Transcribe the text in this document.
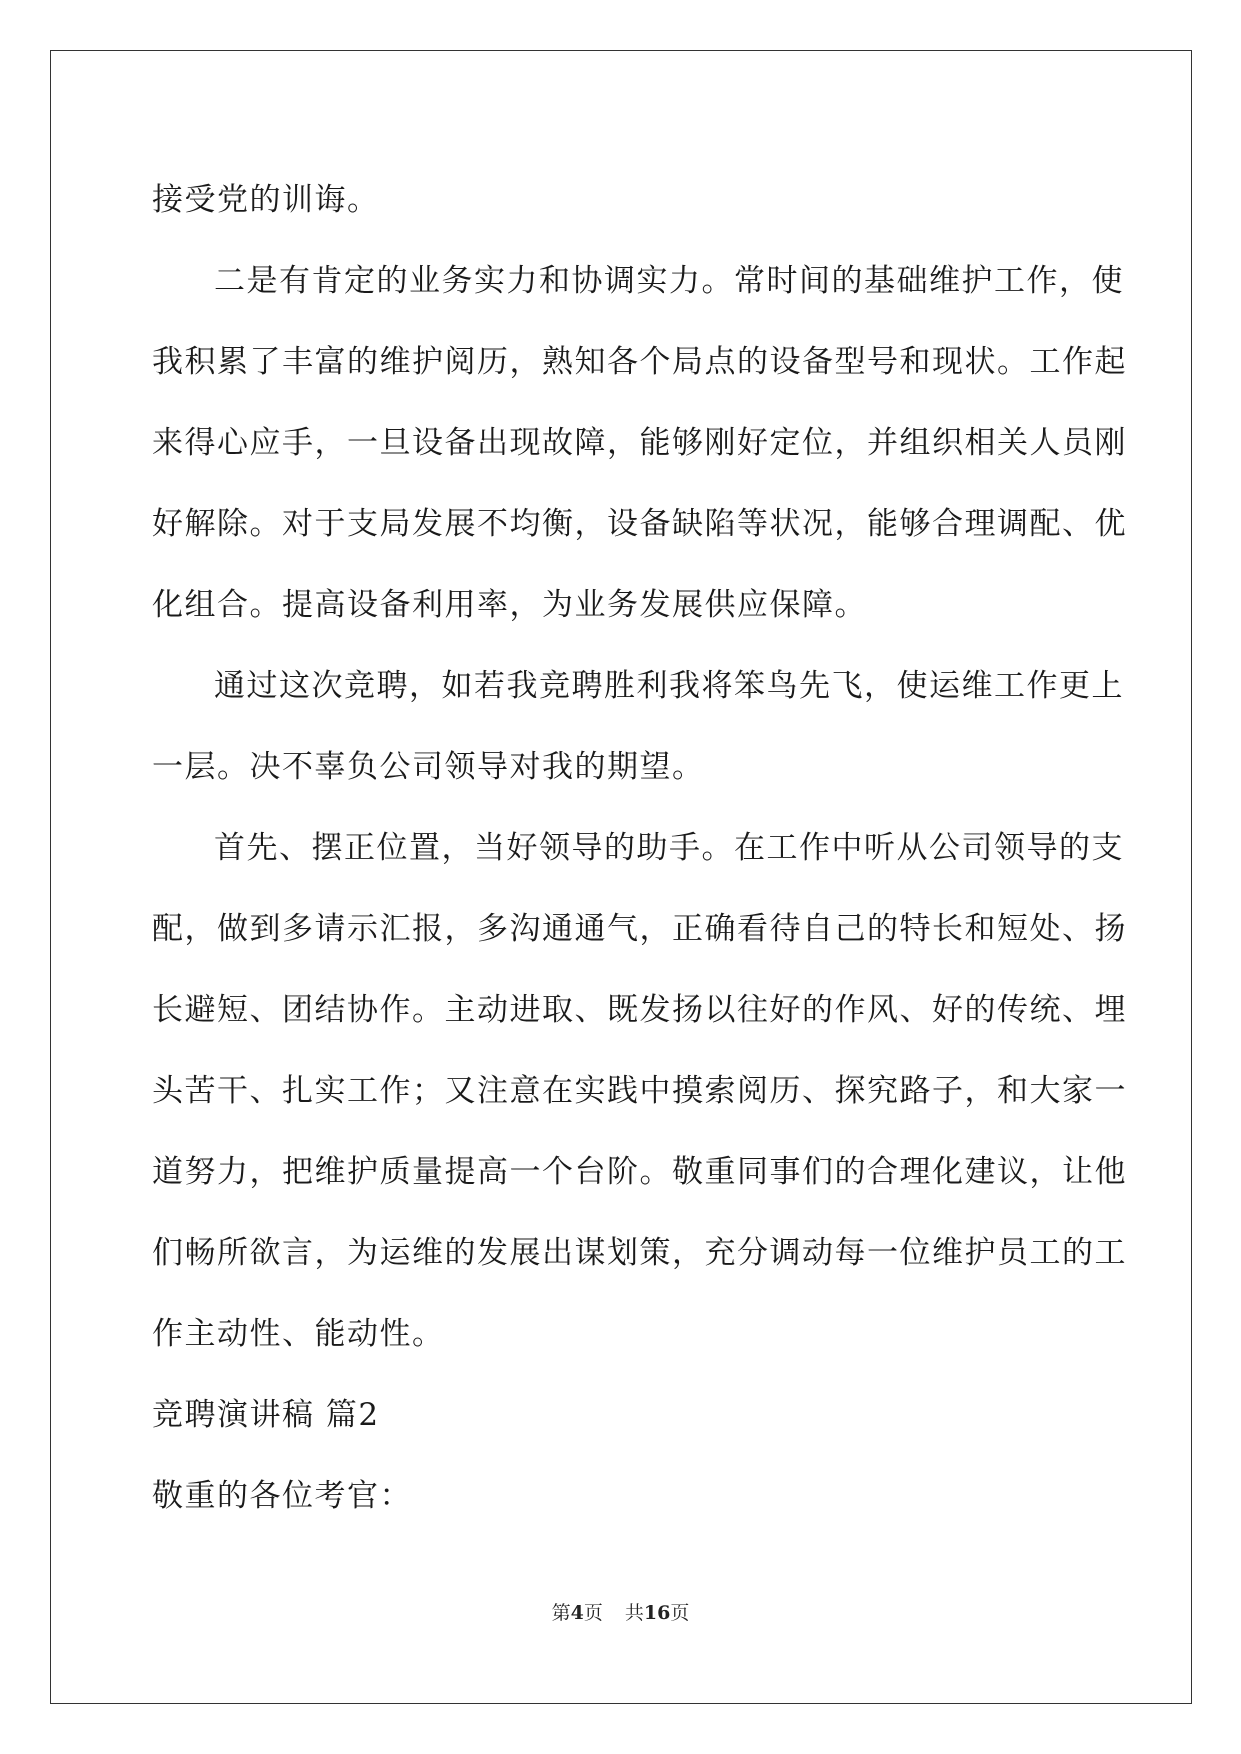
接受党的训诲。
二是有肯定的业务实力和协调实力。常时间的基础维护工作，使
我积累了丰富的维护阅历，熟知各个局点的设备型号和现状。工作起
来得心应手，一旦设备出现故障，能够刚好定位，并组织相关人员刚
好解除。对于支局发展不均衡，设备缺陷等状况，能够合理调配、优
化组合。提高设备利用率，为业务发展供应保障。
通过这次竞聘，如若我竞聘胜利我将笨鸟先飞，使运维工作更上
一层。决不辜负公司领导对我的期望。
首先、摆正位置，当好领导的助手。在工作中听从公司领导的支
配，做到多请示汇报，多沟通通气，正确看待自己的特长和短处、扬
长避短、团结协作。主动进取、既发扬以往好的作风、好的传统、埋
头苦干、扎实工作；又注意在实践中摸索阅历、探究路子，和大家一
道努力，把维护质量提高一个台阶。敬重同事们的合理化建议，让他
们畅所欲言，为运维的发展出谋划策，充分调动每一位维护员工的工
作主动性、能动性。
竞聘演讲稿 篇2
敬重的各位考官：
第4页 共16页
